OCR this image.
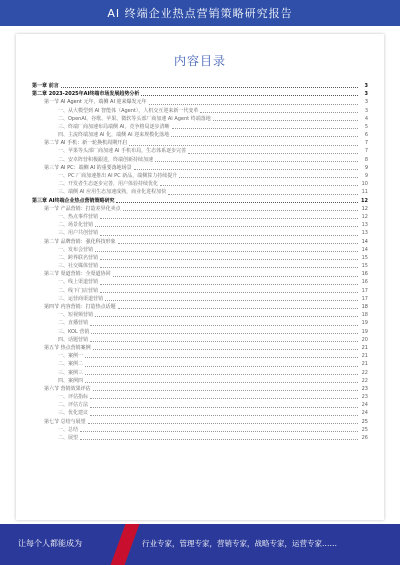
AI 终端企业热点营销策略研究报告
内容目录
第一章 前言	3
第二章 2023-2025年AI终端市场发展趋势分析	3
第一节 AI Agent 元年，端侧 AI 迎来爆发元年	3
一、从大模型到 AI 智能体（Agent），人机交互迎来新一代变革	3
二、OpenAI、谷歌、苹果、微软等头部厂商加速 AI Agent 终端落地	4
三、终端厂商加速布局端侧 AI，竞争格局逐步清晰	5
四、主流终端加速 AI 化，端侧 AI 迎来规模化落地	6
第二节 AI 手机：新一轮换机周期开启	7
一、苹果等头部厂商加速 AI 手机布局，生态体系逐步完善	7
二、安卓阵营积极跟进，终端创新持续加速	8
第三节 AI PC：端侧 AI 的重要落地场景	9
一、PC 厂商加速推出 AI PC 新品，端侧算力持续提升	9
二、开发者生态逐步完善，用户体验持续优化	10
三、端侧 AI 应用生态加速成熟，商业化进程加快	11
第三章 AI终端企业热点营销策略研究	12
第一节 产品营销：打造差异化卖点	12
一、热点事件营销	12
二、场景化营销	13
三、用户共创营销	13
第二节 品牌营销：强化科技形象	14
一、发布会营销	14
二、跨界联名营销	15
三、社交媒体营销	15
第三节 渠道营销：全渠道协同	16
一、线上渠道营销	16
二、线下门店营销	17
三、运营商渠道营销	17
第四节 内容营销：打造热点话题	18
一、短视频营销	18
二、直播营销	19
三、KOL 营销	19
四、话题营销	20
第五节 热点营销案例	21
一、案例一	21
二、案例二	21
三、案例三	22
四、案例四	22
第六节 营销效果评估	23
一、评估指标	23
二、评估方法	24
三、优化建议	24
第七节 总结与展望	25
一、总结	25
二、展望	26
让每个人都能成为	行业专家，管理专家，营销专家，战略专家，运营专家……
